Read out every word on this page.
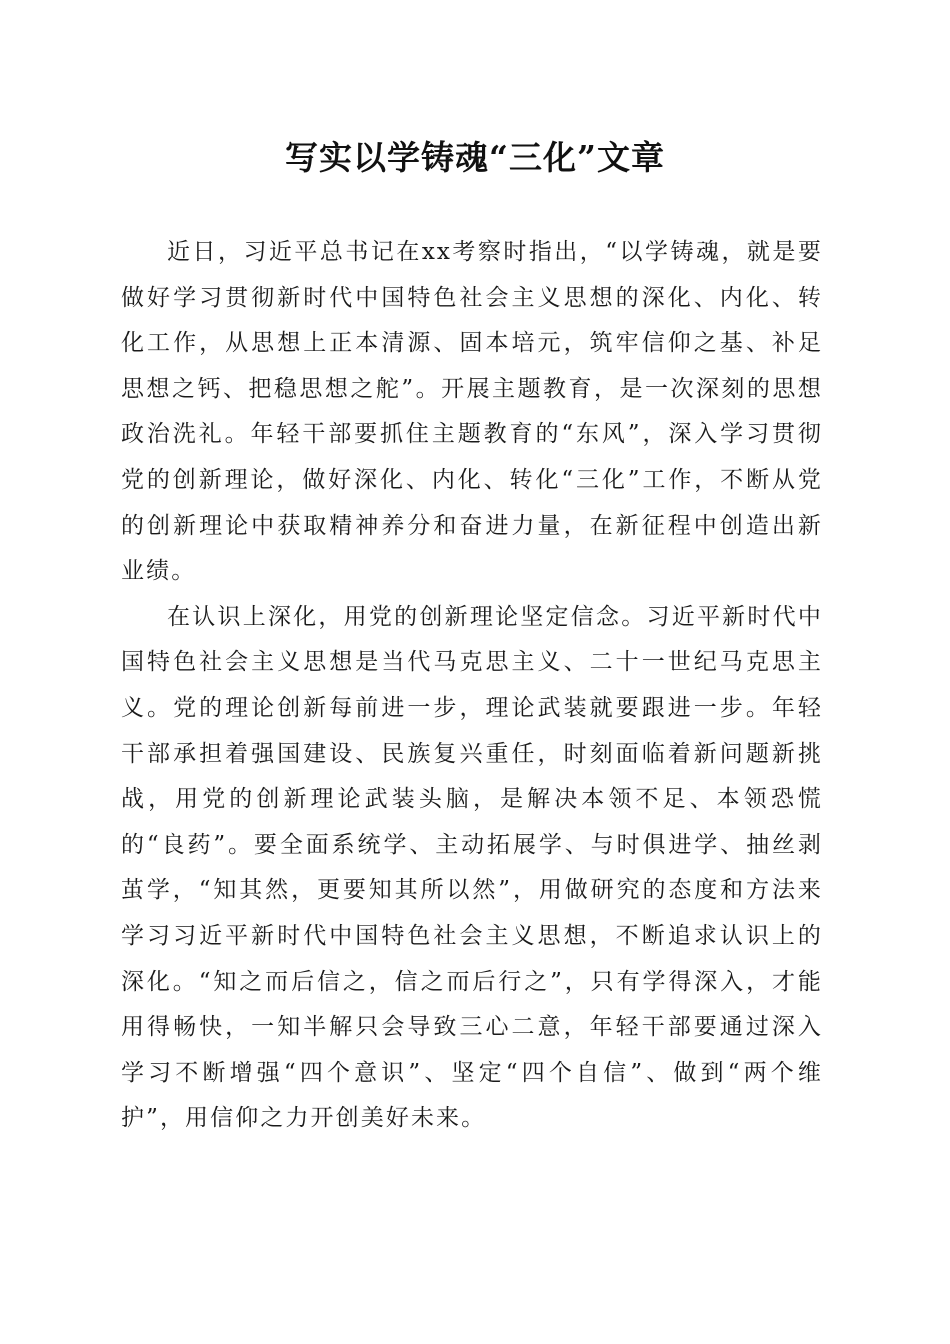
写实以学铸魂“三化”文章

近日，习近平总书记在xx考察时指出，“以学铸魂，就是要做好学习贯彻新时代中国特色社会主义思想的深化、内化、转化工作，从思想上正本清源、固本培元，筑牢信仰之基、补足思想之钙、把稳思想之舵”。开展主题教育，是一次深刻的思想政治洗礼。年轻干部要抓住主题教育的“东风”，深入学习贯彻党的创新理论，做好深化、内化、转化“三化”工作，不断从党的创新理论中获取精神养分和奋进力量，在新征程中创造出新业绩。

在认识上深化，用党的创新理论坚定信念。习近平新时代中国特色社会主义思想是当代马克思主义、二十一世纪马克思主义。党的理论创新每前进一步，理论武装就要跟进一步。年轻干部承担着强国建设、民族复兴重任，时刻面临着新问题新挑战，用党的创新理论武装头脑，是解决本领不足、本领恐慌的“良药”。要全面系统学、主动拓展学、与时俱进学、抽丝剥茧学，“知其然，更要知其所以然”，用做研究的态度和方法来学习习近平新时代中国特色社会主义思想，不断追求认识上的深化。“知之而后信之，信之而后行之”，只有学得深入，才能用得畅快，一知半解只会导致三心二意，年轻干部要通过深入学习不断增强“四个意识”、坚定“四个自信”、做到“两个维护”，用信仰之力开创美好未来。
